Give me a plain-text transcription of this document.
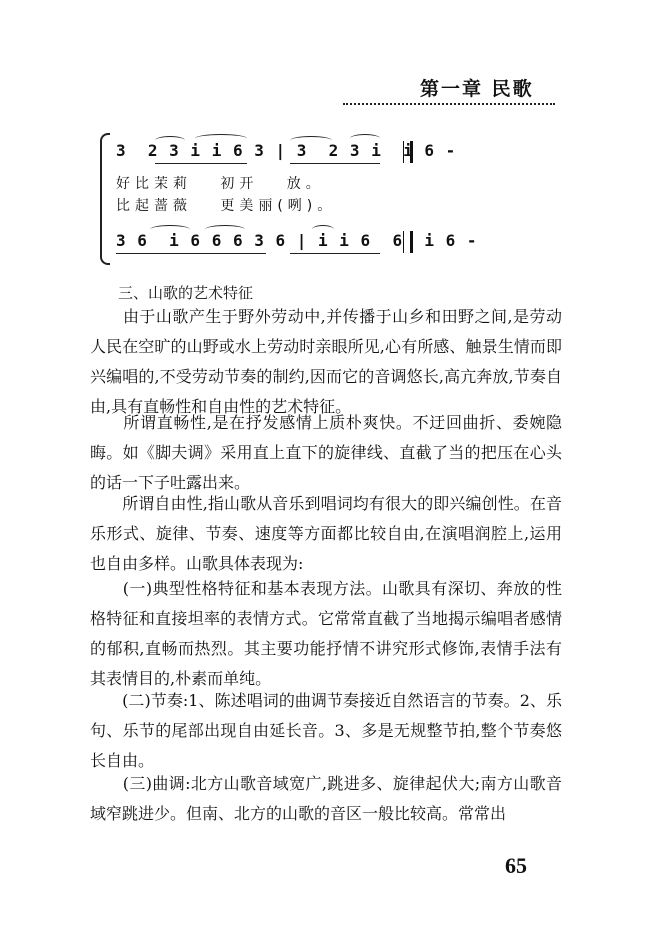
第一章 民歌
3  2 3 i i 6 3 | 3  2 3 i  i 6 -
好比茉莉   初开   放。
比起蔷薇   更美丽(咧)。
3 6  i 6 6 6 3 6 | i i 6  6  i 6 -
三、山歌的艺术特征

　　由于山歌产生于野外劳动中,并传播于山乡和田野之间,是劳动人民在空旷的山野或水上劳动时亲眼所见,心有所感、触景生情而即兴编唱的,不受劳动节奏的制约,因而它的音调悠长,高亢奔放,节奏自由,具有直畅性和自由性的艺术特征。

　　所谓直畅性,是在抒发感情上质朴爽快。不迂回曲折、委婉隐晦。如《脚夫调》采用直上直下的旋律线、直截了当的把压在心头的话一下子吐露出来。

　　所谓自由性,指山歌从音乐到唱词均有很大的即兴编创性。在音乐形式、旋律、节奏、速度等方面都比较自由,在演唱润腔上,运用也自由多样。山歌具体表现为:

　　(一)典型性格特征和基本表现方法。山歌具有深切、奔放的性格特征和直接坦率的表情方式。它常常直截了当地揭示编唱者感情的郁积,直畅而热烈。其主要功能抒情不讲究形式修饰,表情手法有其表情目的,朴素而单纯。

　　(二)节奏:1、陈述唱词的曲调节奏接近自然语言的节奏。2、乐句、乐节的尾部出现自由延长音。3、多是无规整节拍,整个节奏悠长自由。

　　(三)曲调:北方山歌音域宽广,跳进多、旋律起伏大;南方山歌音域窄跳进少。但南、北方的山歌的音区一般比较高。常常出

65
